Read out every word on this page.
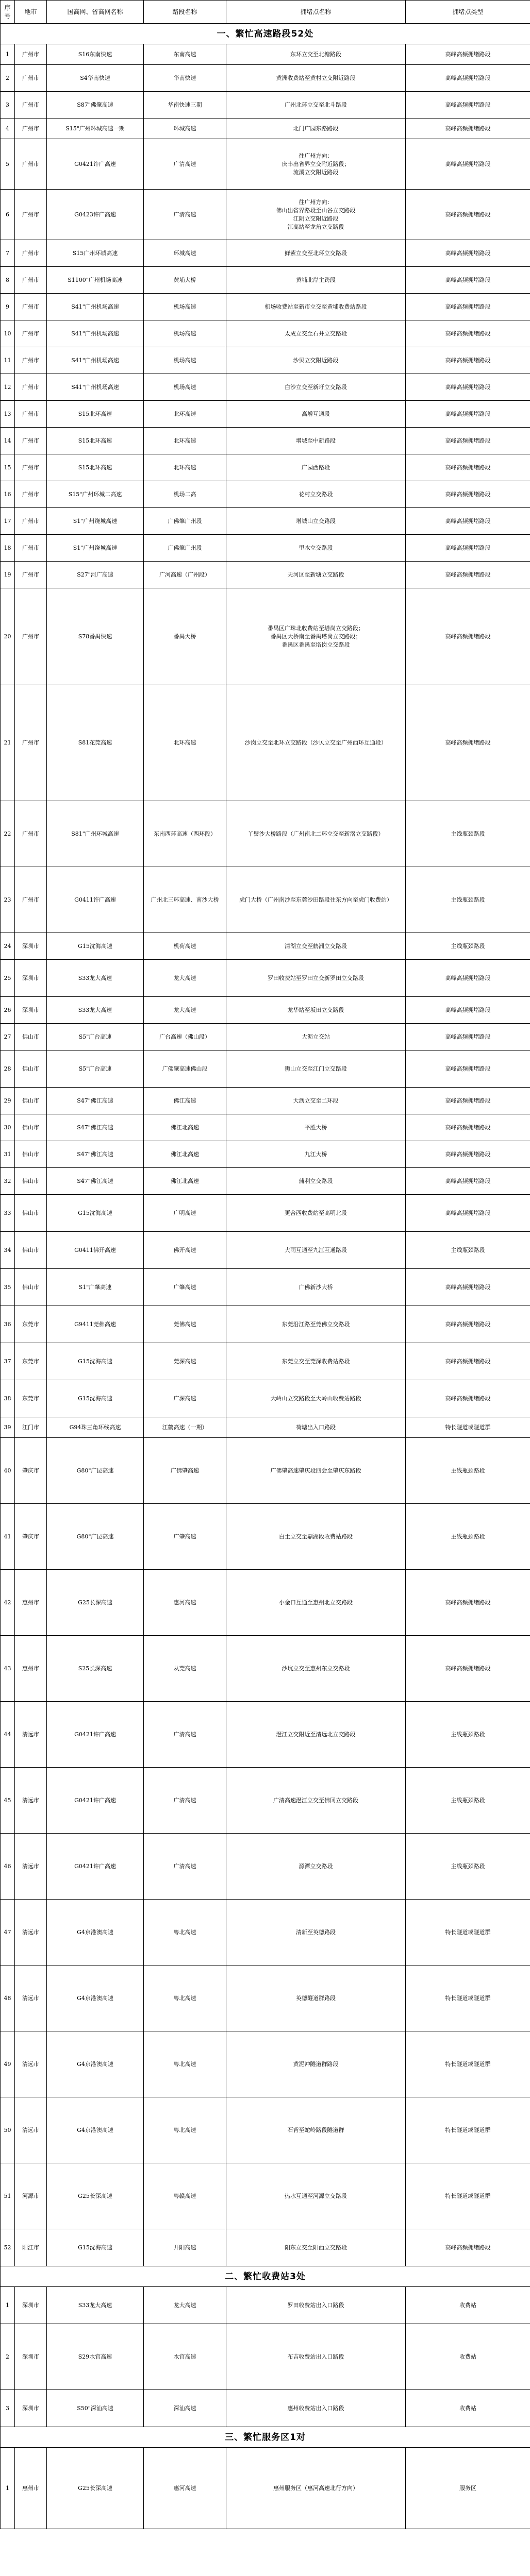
序号	地市	国高网、省高网名称	路段名称	拥堵点名称	拥堵点类型
一、繁忙高速路段52处					
1	广州市	S16东南快速	东南高速	东环立交至北塘路段	高峰高频拥堵路段
2	广州市	S4华南快速	华南快速	黄洲收费站至黄村立交附近路段	高峰高频拥堵路段
3	广州市	S87"佛肇高速	华南快速三期	广州北环立交至北斗路段	高峰高频拥堵路段
4	广州市	S15"广州环城高速一期	环城高速	北门广园东路路段	高峰高频拥堵路段
5	广州市	G0421许广高速	广清高速	往广州方向：
庆丰出省界立交附近路段；
流溪立交附近路段	高峰高频拥堵路段
6	广州市	G0423许广高速	广清高速	往广州方向：
佛山出省界路段至山谷立交路段
江阴立交附近路段
江高站至龙角立交路段	高峰高频拥堵路段
7	广州市	S15广州环城高速	环城高速	鲜紫立交至北环立交路段	高峰高频拥堵路段
8	广州市	S1100"广州机场高速	黄埔大桥	黄埔北岸主跨段	高峰高频拥堵路段
9	广州市	S41"广州机场高速	机场高速	机场收费站至新市立交至黄埔收费站路段	高峰高频拥堵路段
10	广州市	S41"广州机场高速	机场高速	太成立交至石井立交路段	高峰高频拥堵路段
11	广州市	S41"广州机场高速	机场高速	沙贝立交附近路段	高峰高频拥堵路段
12	广州市	S41"广州机场高速	机场高速	白沙立交至新圩立交路段	高峰高频拥堵路段
13	广州市	S15北环高速	北环高速	高增互通段	高峰高频拥堵路段
14	广州市	S15北环高速	北环高速	增城至中新路段	高峰高频拥堵路段
15	广州市	S15北环高速	北环高速	广园西路段	高峰高频拥堵路段
16	广州市	S15"广州环城二高速	机场二高	花村立交路段	高峰高频拥堵路段
17	广州市	S1"广州绕城高速	广佛肇广州段	增城山立交路段	高峰高频拥堵路段
18	广州市	S1"广州绕城高速	广佛肇广州段	里水立交路段	高峰高频拥堵路段
19	广州市	S27"河广高速	广河高速（广州段）	天河区至新塘立交路段	高峰高频拥堵路段
20	广州市	S78番禺快速	番禺大桥	番禺区广珠北收费站至塔岗立交路段；
番禺区大桥南至番禺塔岗立交路段；
番禺区番禺至塔岗立交路段	高峰高频拥堵路段
21	广州市	S81花莞高速	北环高速	沙岗立交至北环立交路段（沙贝立交至广州西环互通段）	高峰高频拥堵路段
22	广州市	S81"广州环城高速	东南西环高速（西环段）	丫髻沙大桥路段（广州南北二环立交至新滘立交路段）	主线瓶颈路段
23	广州市	G0411许广高速	广州北三环高速、南沙大桥	虎门大桥（广州南沙至东莞沙田路段往东方向至虎门收费站）	主线瓶颈路段
24	深圳市	G15沈海高速	机荷高速	清湖立交至鹤洲立交路段	主线瓶颈路段
25	深圳市	S33龙大高速	龙大高速	罗田收费站至罗田立交新罗田立交路段	高峰高频拥堵路段
26	深圳市	S33龙大高速	龙大高速	龙华站至坂田立交路段	高峰高频拥堵路段
27	佛山市	S5"广台高速	广台高速（佛山段）	大沥立交站	高峰高频拥堵路段
28	佛山市	S5"广台高速	广佛肇高速佛山段	狮山立交至江门立交路段	高峰高频拥堵路段
29	佛山市	S47"佛江高速	佛江高速	大沥立交至二环段	高峰高频拥堵路段
30	佛山市	S47"佛江高速	佛江北高速	平胜大桥	高峰高频拥堵路段
31	佛山市	S47"佛江高速	佛江北高速	九江大桥	高峰高频拥堵路段
32	佛山市	S47"佛江高速	佛江北高速	蒲利立交路段	高峰高频拥堵路段
33	佛山市	G15沈海高速	广明高速	更合西收费站至高明北段	高峰高频拥堵路段
34	佛山市	G0411佛开高速	佛开高速	大雨互通至九江互通路段	主线瓶颈路段
35	佛山市	S1"广肇高速	广肇高速	广佛新沙大桥	高峰高频拥堵路段
36	东莞市	G9411莞佛高速	莞佛高速	东莞沿江路至莞佛立交路段	高峰高频拥堵路段
37	东莞市	G15沈海高速	莞深高速	东莞立交至莞深收费站路段	高峰高频拥堵路段
38	东莞市	G15沈海高速	广深高速	大岭山立交路段至大岭山收费站路段	高峰高频拥堵路段
39	江门市	G94珠三角环线高速	江鹤高速（一期）	荷塘出入口路段	特长隧道或隧道群
40	肇庆市	G80"广昆高速	广佛肇高速	广佛肇高速肇庆段四会至肇庆东路段	主线瓶颈路段
41	肇庆市	G80"广昆高速	广肇高速	白土立交至鼎湖段收费站路段	主线瓶颈路段
42	惠州市	G25长深高速	惠河高速	小金口互通至惠州北立交路段	高峰高频拥堵路段
43	惠州市	S25长深高速	从莞高速	沙坑立交至惠州东立交路段	高峰高频拥堵路段
44	清远市	G0421许广高速	广清高速	潖江立交附近至清远北立交路段	主线瓶颈路段
45	清远市	G0421许广高速	广清高速	广清高速潖江立交至佛冈立交路段	主线瓶颈路段
46	清远市	G0421许广高速	广清高速	源潭立交路段	主线瓶颈路段
47	清远市	G4京港澳高速	粤北高速	清新至英德路段	特长隧道或隧道群
48	清远市	G4京港澳高速	粤北高速	英德隧道群路段	特长隧道或隧道群
49	清远市	G4京港澳高速	粤北高速	黄泥冲隧道群路段	特长隧道或隧道群
50	清远市	G4京港澳高速	粤北高速	石背至蛇岭路段隧道群	特长隧道或隧道群
51	河源市	G25长深高速	粤赣高速	热水互通至河源立交路段	特长隧道或隧道群
52	阳江市	G15沈海高速	开阳高速	阳东立交至阳西立交路段	高峰高频拥堵路段
二、繁忙收费站3处					
1	深圳市	S33龙大高速	龙大高速	罗田收费站出入口路段	收费站
2	深圳市	S29水官高速	水官高速	布吉收费站出入口路段	收费站
3	深圳市	S50"深汕高速	深汕高速	惠州收费站出入口路段	收费站
三、繁忙服务区1对					
1	惠州市	G25长深高速	惠河高速	惠州服务区（惠河高速北行方向）	服务区
